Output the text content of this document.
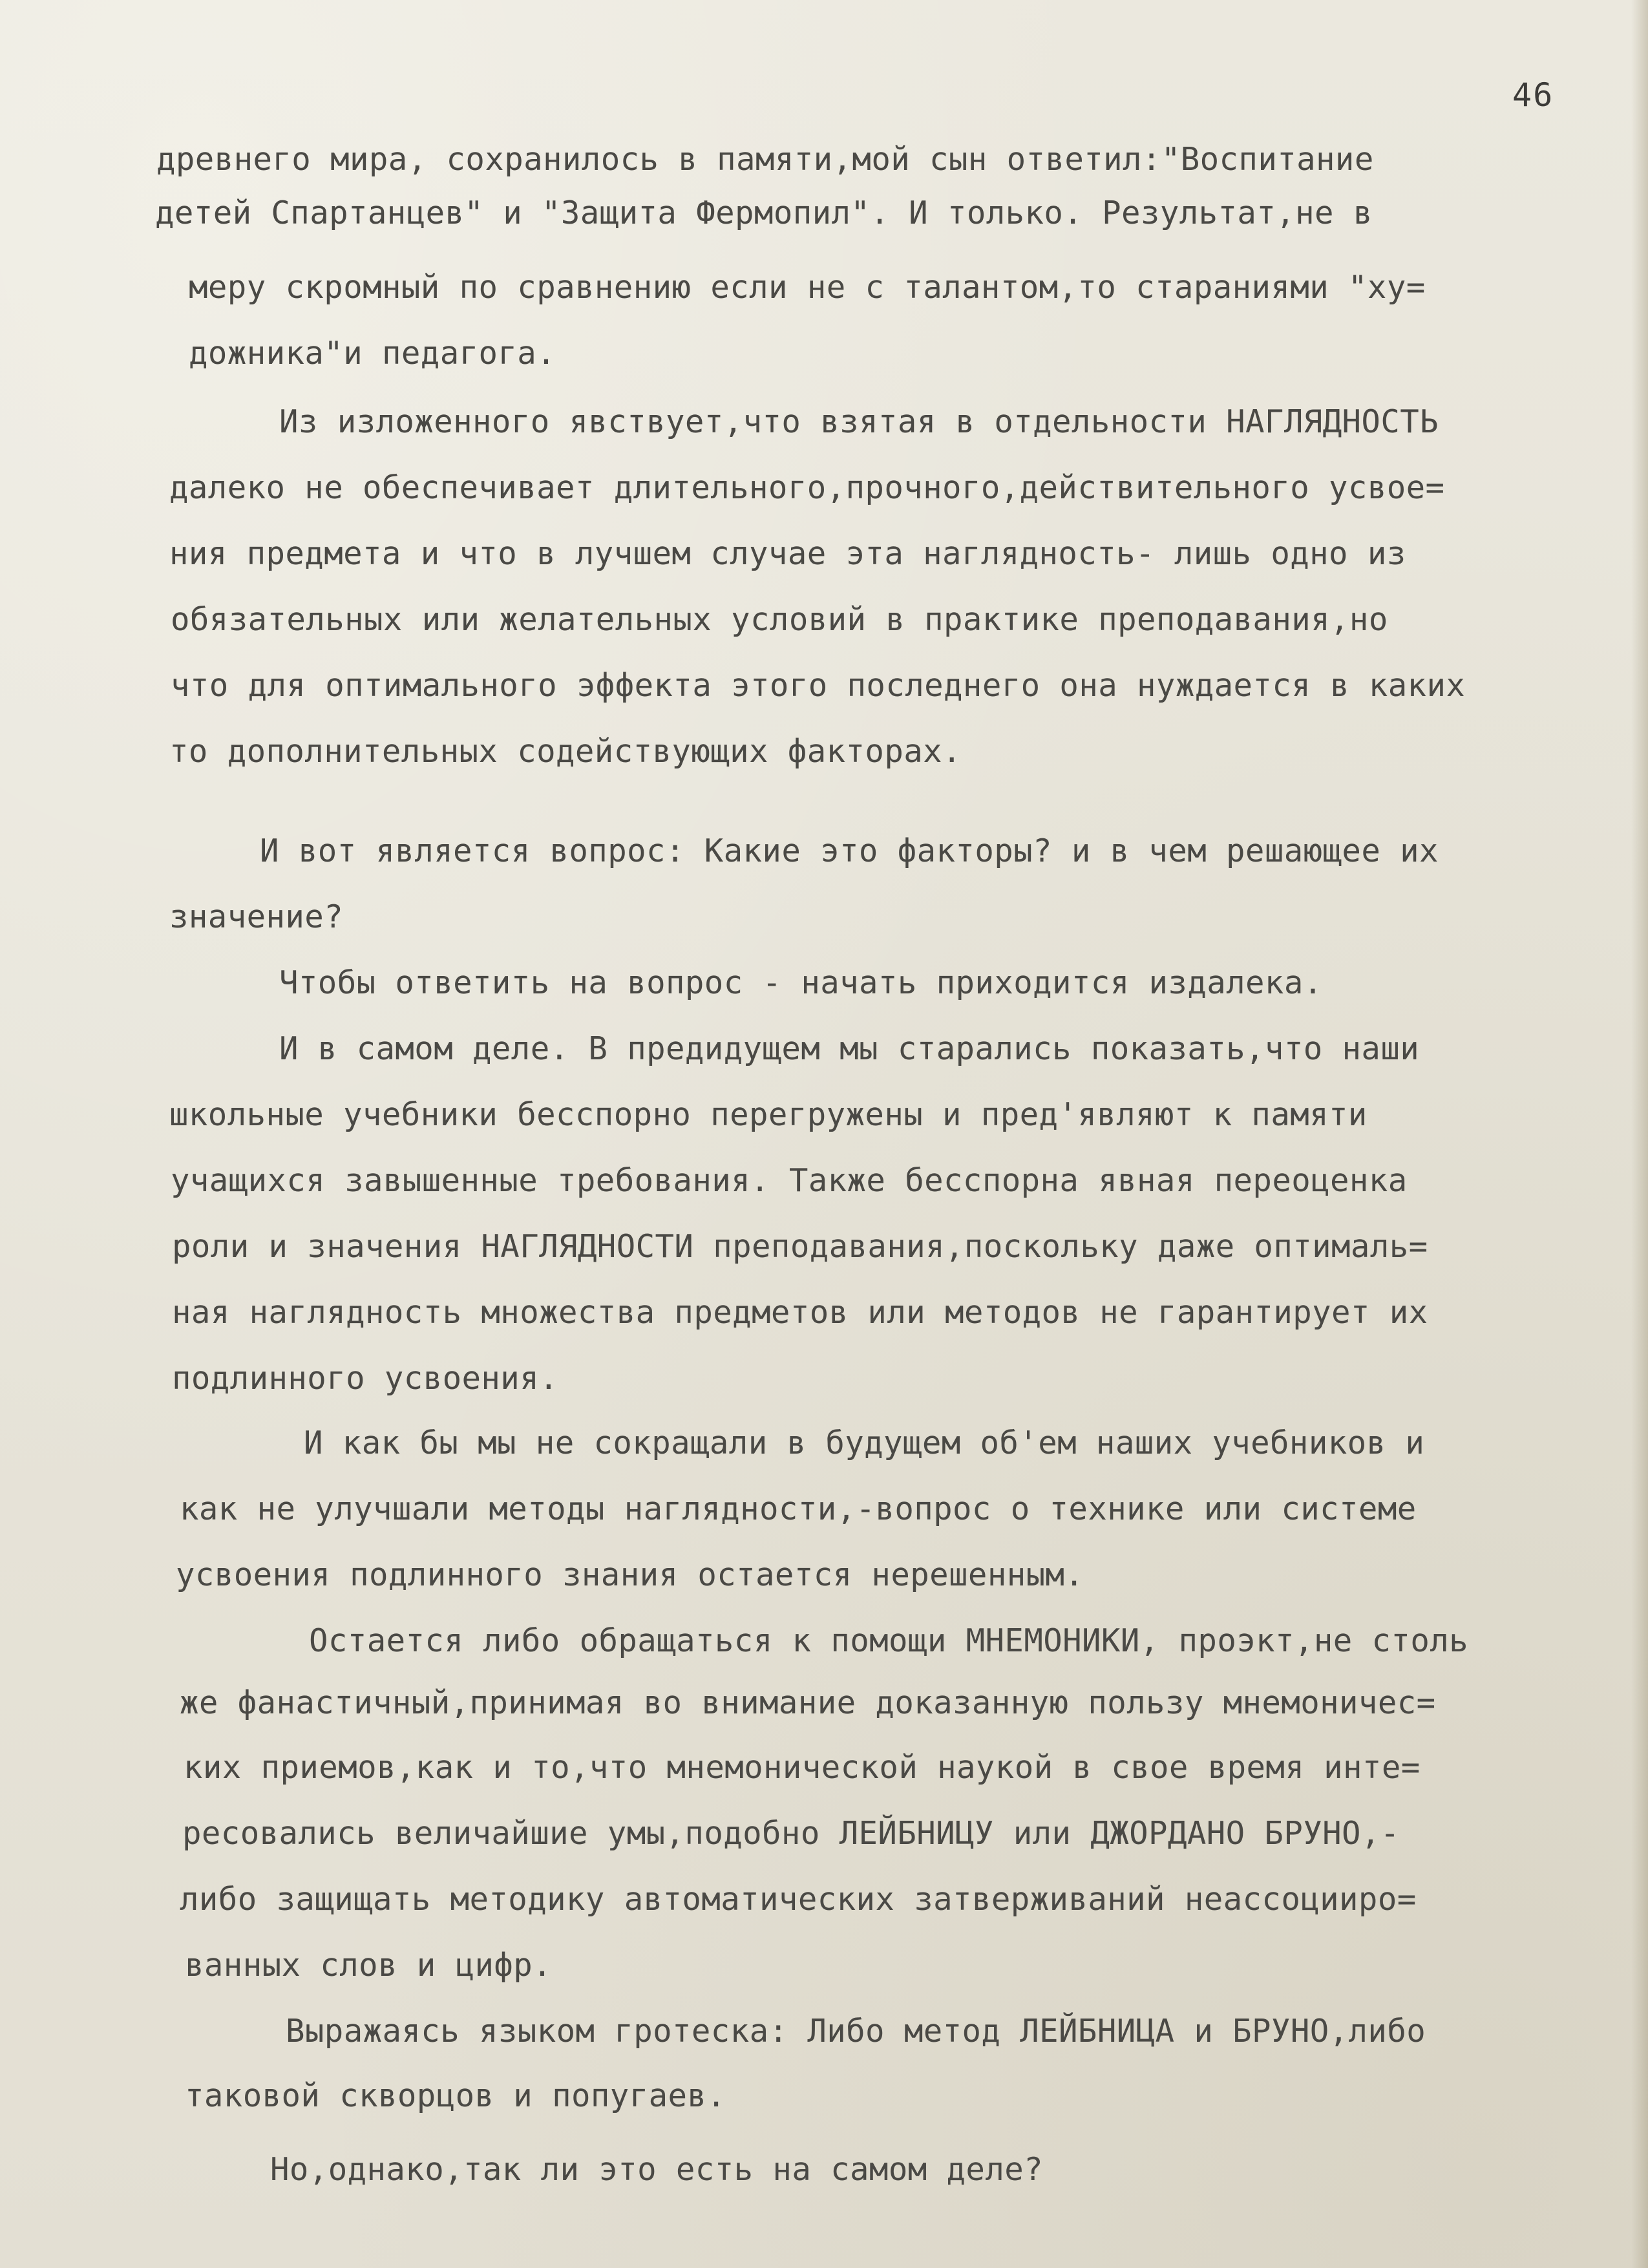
46
древнего мира, сохранилось в памяти,мой сын ответил:"Воспитание
детей Спартанцев" и "Защита Фермопил". И только. Результат,не в
меру скромный по сравнению если не с талантом,то стараниями "ху=
дожника"и педагога.
Из изложенного явствует,что взятая в отдельности НАГЛЯДНОСТЬ
далеко не обеспечивает длительного,прочного,действительного усвое=
ния предмета и что в лучшем случае эта наглядность- лишь одно из
обязательных или желательных условий в практике преподавания,но
что для оптимального эффекта этого последнего она нуждается в каких
то дополнительных содействующих факторах.
И вот является вопрос: Какие это факторы? и в чем решающее их
значение?
Чтобы ответить на вопрос - начать приходится издалека.
И в самом деле. В предидущем мы старались показать,что наши
школьные учебники бесспорно перегружены и пред'являют к памяти
учащихся завышенные требования. Также бесспорна явная переоценка
роли и значения НАГЛЯДНОСТИ преподавания,поскольку даже оптималь=
ная наглядность множества предметов или методов не гарантирует их
подлинного усвоения.
И как бы мы не сокращали в будущем об'ем наших учебников и
как не улучшали методы наглядности,-вопрос о технике или системе
усвоения подлинного знания остается нерешенным.
Остается либо обращаться к помощи МНЕМОНИКИ, проэкт,не столь
же фанастичный,принимая во внимание доказанную пользу мнемоничес=
ких приемов,как и то,что мнемонической наукой в свое время инте=
ресовались величайшие умы,подобно ЛЕЙБНИЦУ или ДЖОРДАНО БРУНО,-
либо защищать методику автоматических затверживаний неассоциирo=
ванных слов и цифр.
Выражаясь языком гротеска: Либо метод ЛЕЙБНИЦА и БРУНО,либо
таковой скворцов и попугаев.
Но,однако,так ли это есть на самом деле?
